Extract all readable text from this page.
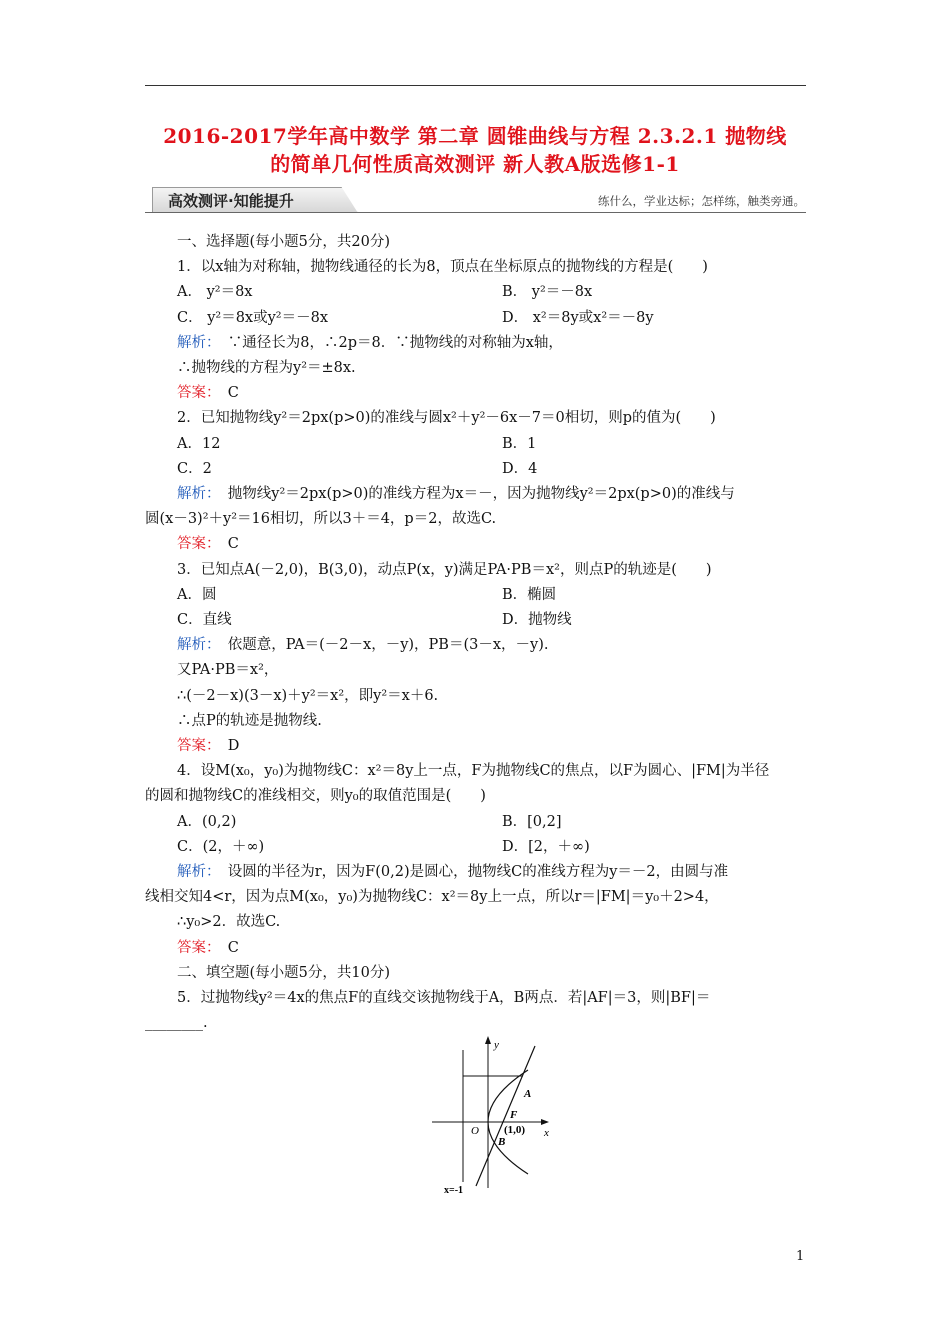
2016-2017学年高中数学 第二章 圆锥曲线与方程 2.3.2.1 抛物线
的简单几何性质高效测评 新人教A版选修1-1
高效测评·知能提升	练什么，学业达标；怎样练，触类旁通。
一、选择题(每小题5分，共20分)
1．以x轴为对称轴，抛物线通径的长为8，顶点在坐标原点的抛物线的方程是(　　)
A． y²＝8x	B． y²＝－8x
C． y²＝8x或y²＝－8x	D． x²＝8y或x²＝－8y
解析：　∵通径长为8，∴2p＝8．∵抛物线的对称轴为x轴，
∴抛物线的方程为y²＝±8x.
答案：　C
2．已知抛物线y²＝2px(p>0)的准线与圆x²＋y²－6x－7＝0相切，则p的值为(　　)
A．12	B．1
C．2	D．4
解析：　抛物线y²＝2px(p>0)的准线方程为x＝－，因为抛物线y²＝2px(p>0)的准线与
圆(x－3)²＋y²＝16相切，所以3＋＝4，p＝2，故选C.
答案：　C
3．已知点A(－2,0)，B(3,0)，动点P(x，y)满足PA·PB＝x²，则点P的轨迹是(　　)
A．圆	B．椭圆
C．直线	D．抛物线
解析：　依题意，PA＝(－2－x，－y)，PB＝(3－x，－y).
又PA·PB＝x²，
∴(－2－x)(3－x)＋y²＝x²，即y²＝x＋6.
∴点P的轨迹是抛物线.
答案：　D
4．设M(x₀，y₀)为抛物线C：x²＝8y上一点，F为抛物线C的焦点，以F为圆心、|FM|为半径
的圆和抛物线C的准线相交，则y₀的取值范围是(　　)
A．(0,2)	B．[0,2]
C．(2，＋∞)	D．[2，＋∞)
解析：　设圆的半径为r，因为F(0,2)是圆心，抛物线C的准线方程为y＝－2，由圆与准
线相交知4<r，因为点M(x₀，y₀)为抛物线C：x²＝8y上一点，所以r＝|FM|＝y₀＋2>4，
∴y₀>2．故选C.
答案：　C
二、填空题(每小题5分，共10分)
5．过抛物线y²＝4x的焦点F的直线交该抛物线于A，B两点．若|AF|＝3，则|BF|＝
________.
y
x
O
A
F
(1,0)
B
x=-1
1
